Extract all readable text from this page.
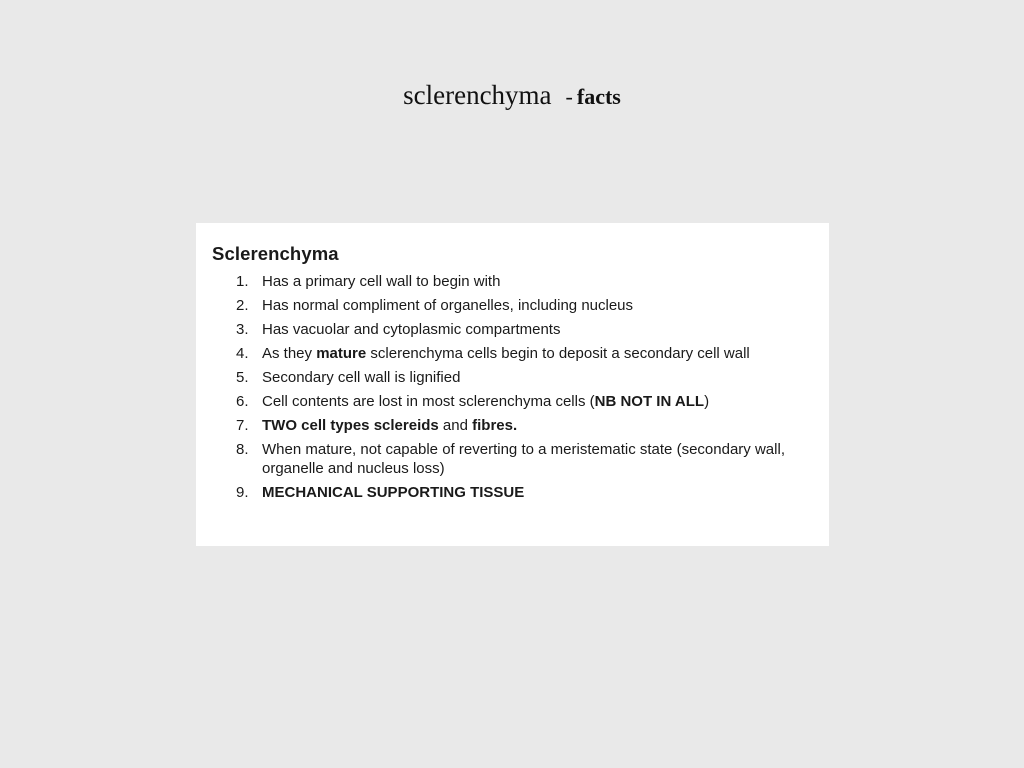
sclerenchyma - facts
Sclerenchyma
1. Has a primary cell wall to begin with
2. Has normal compliment of organelles, including nucleus
3. Has vacuolar and cytoplasmic compartments
4. As they mature sclerenchyma cells begin to deposit a secondary cell wall
5. Secondary cell wall is lignified
6. Cell contents are lost in most sclerenchyma cells (NB NOT IN ALL)
7. TWO cell types sclereids and fibres.
8. When mature, not capable of reverting to a meristematic state (secondary wall, organelle and nucleus loss)
9. MECHANICAL SUPPORTING TISSUE
